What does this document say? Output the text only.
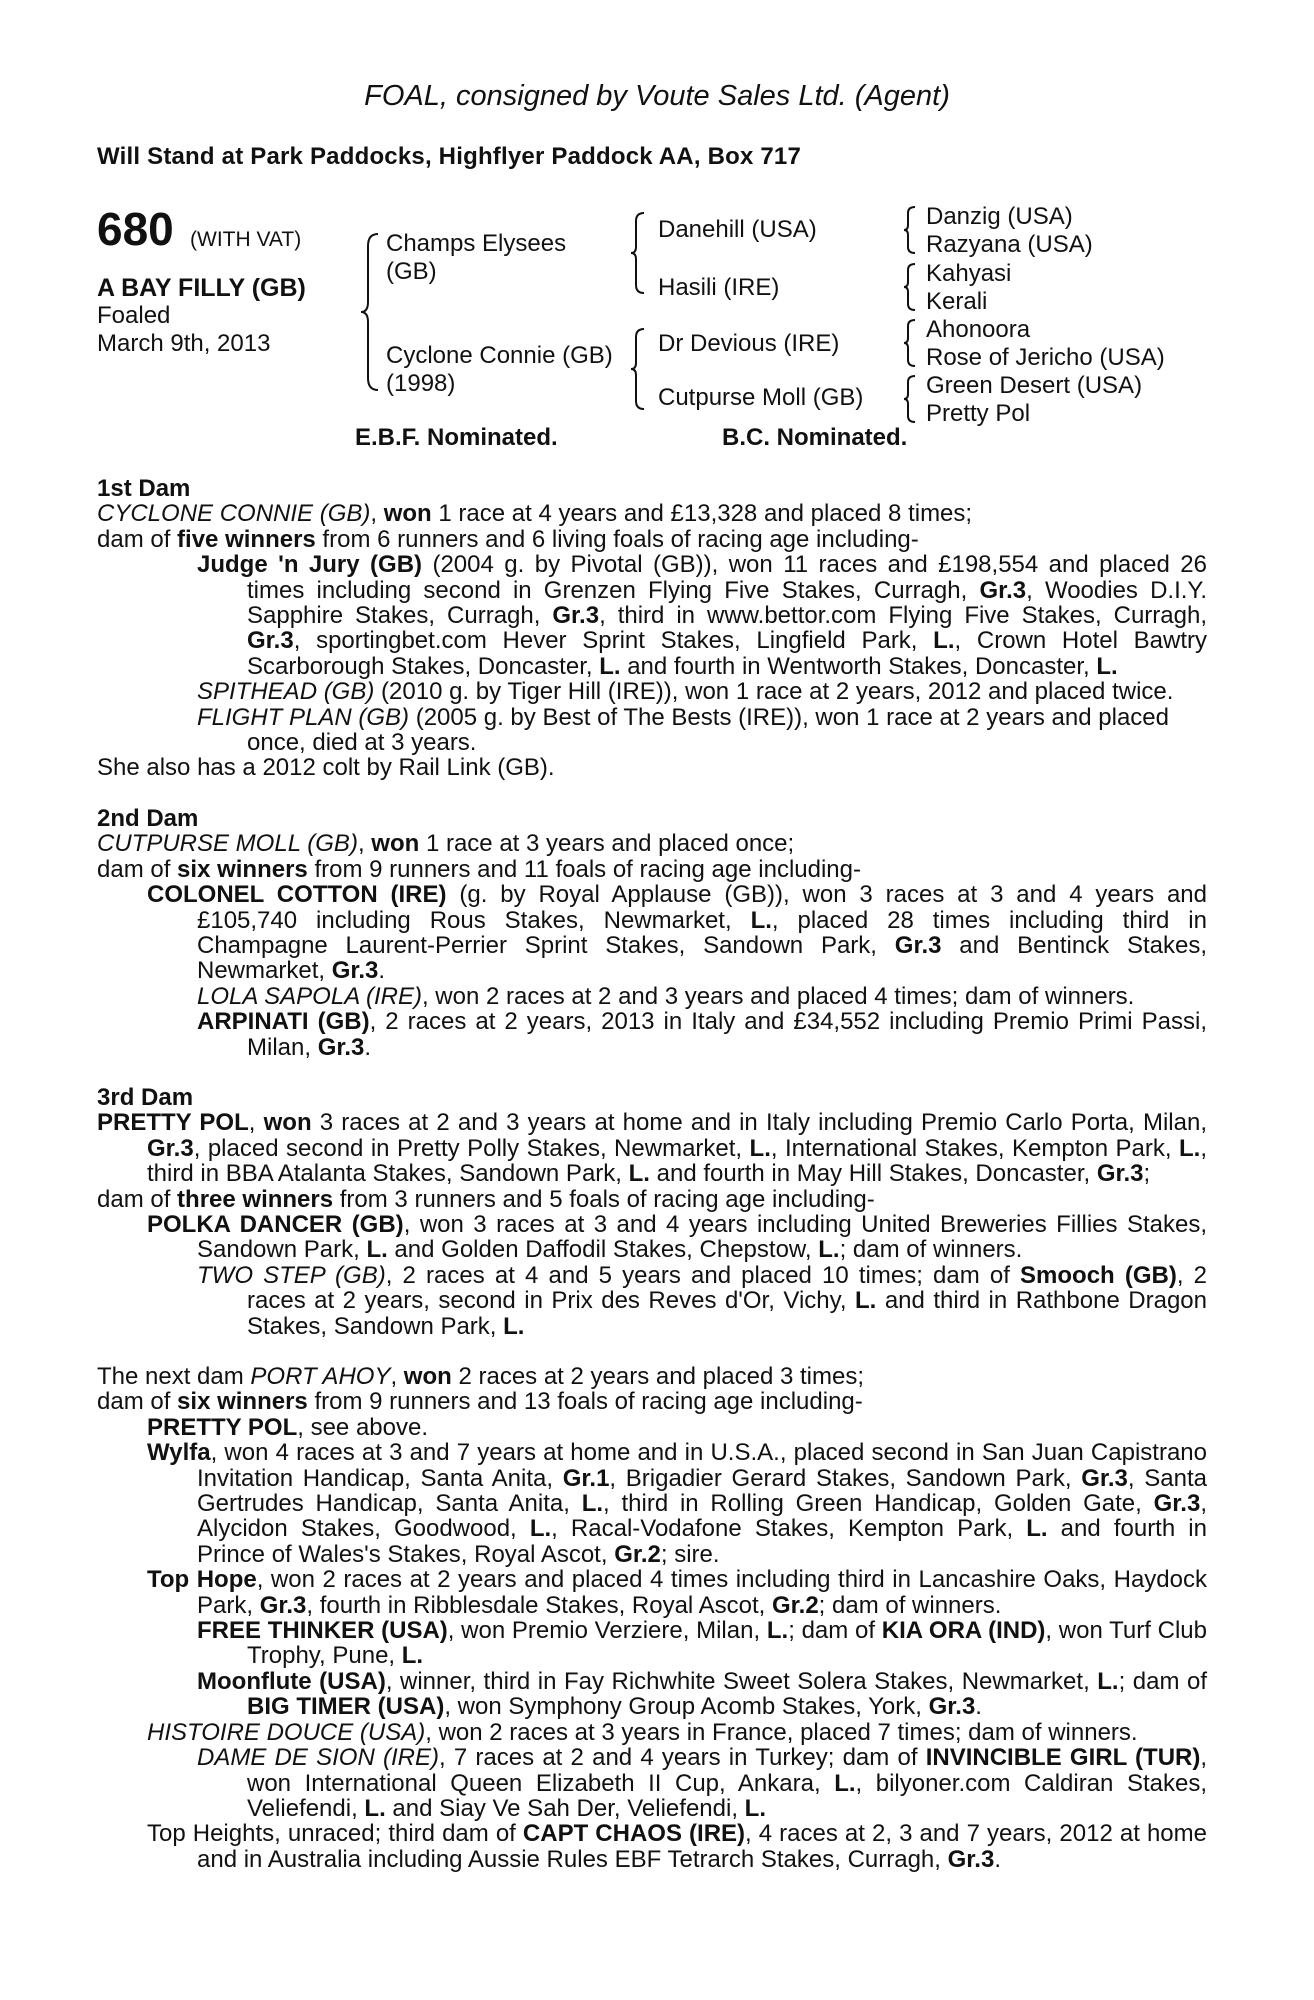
FOAL, consigned by Voute Sales Ltd. (Agent)
Will Stand at Park Paddocks, Highflyer Paddock AA, Box 717
680 (WITH VAT)
A BAY FILLY (GB)
Foaled
March 9th, 2013
Champs Elysees
(GB)
Cyclone Connie (GB)
(1998)
Danehill (USA)
Hasili (IRE)
Dr Devious (IRE)
Cutpurse Moll (GB)
Danzig (USA)
Razyana (USA)
Kahyasi
Kerali
Ahonoora
Rose of Jericho (USA)
Green Desert (USA)
Pretty Pol
E.B.F. Nominated.	B.C. Nominated.

1st Dam

CYCLONE CONNIE (GB), won 1 race at 4 years and £13,328 and placed 8 times;

dam of five winners from 6 runners and 6 living foals of racing age including-

Judge 'n Jury (GB) (2004 g. by Pivotal (GB)), won 11 races and £198,554 and placed 26 times including second in Grenzen Flying Five Stakes, Curragh, Gr.3, Woodies D.I.Y. Sapphire Stakes, Curragh, Gr.3, third in www.bettor.com Flying Five Stakes, Curragh, Gr.3, sportingbet.com Hever Sprint Stakes, Lingfield Park, L., Crown Hotel Bawtry Scarborough Stakes, Doncaster, L. and fourth in Wentworth Stakes, Doncaster, L.

SPITHEAD (GB) (2010 g. by Tiger Hill (IRE)), won 1 race at 2 years, 2012 and placed twice.

FLIGHT PLAN (GB) (2005 g. by Best of The Bests (IRE)), won 1 race at 2 years and placed once, died at 3 years.

She also has a 2012 colt by Rail Link (GB).

2nd Dam

CUTPURSE MOLL (GB), won 1 race at 3 years and placed once;

dam of six winners from 9 runners and 11 foals of racing age including-

COLONEL COTTON (IRE) (g. by Royal Applause (GB)), won 3 races at 3 and 4 years and £105,740 including Rous Stakes, Newmarket, L., placed 28 times including third in Champagne Laurent-Perrier Sprint Stakes, Sandown Park, Gr.3 and Bentinck Stakes, Newmarket, Gr.3.

LOLA SAPOLA (IRE), won 2 races at 2 and 3 years and placed 4 times; dam of winners.

ARPINATI (GB), 2 races at 2 years, 2013 in Italy and £34,552 including Premio Primi Passi, Milan, Gr.3.

3rd Dam

PRETTY POL, won 3 races at 2 and 3 years at home and in Italy including Premio Carlo Porta, Milan, Gr.3, placed second in Pretty Polly Stakes, Newmarket, L., International Stakes, Kempton Park, L., third in BBA Atalanta Stakes, Sandown Park, L. and fourth in May Hill Stakes, Doncaster, Gr.3;

dam of three winners from 3 runners and 5 foals of racing age including-

POLKA DANCER (GB), won 3 races at 3 and 4 years including United Breweries Fillies Stakes, Sandown Park, L. and Golden Daffodil Stakes, Chepstow, L.; dam of winners.

TWO STEP (GB), 2 races at 4 and 5 years and placed 10 times; dam of Smooch (GB), 2 races at 2 years, second in Prix des Reves d'Or, Vichy, L. and third in Rathbone Dragon Stakes, Sandown Park, L.

The next dam PORT AHOY, won 2 races at 2 years and placed 3 times;

dam of six winners from 9 runners and 13 foals of racing age including-

PRETTY POL, see above.

Wylfa, won 4 races at 3 and 7 years at home and in U.S.A., placed second in San Juan Capistrano Invitation Handicap, Santa Anita, Gr.1, Brigadier Gerard Stakes, Sandown Park, Gr.3, Santa Gertrudes Handicap, Santa Anita, L., third in Rolling Green Handicap, Golden Gate, Gr.3, Alycidon Stakes, Goodwood, L., Racal-Vodafone Stakes, Kempton Park, L. and fourth in Prince of Wales's Stakes, Royal Ascot, Gr.2; sire.

Top Hope, won 2 races at 2 years and placed 4 times including third in Lancashire Oaks, Haydock Park, Gr.3, fourth in Ribblesdale Stakes, Royal Ascot, Gr.2; dam of winners.

FREE THINKER (USA), won Premio Verziere, Milan, L.; dam of KIA ORA (IND), won Turf Club Trophy, Pune, L.

Moonflute (USA), winner, third in Fay Richwhite Sweet Solera Stakes, Newmarket, L.; dam of BIG TIMER (USA), won Symphony Group Acomb Stakes, York, Gr.3.

HISTOIRE DOUCE (USA), won 2 races at 3 years in France, placed 7 times; dam of winners.

DAME DE SION (IRE), 7 races at 2 and 4 years in Turkey; dam of INVINCIBLE GIRL (TUR), won International Queen Elizabeth II Cup, Ankara, L., bilyoner.com Caldiran Stakes, Veliefendi, L. and Siay Ve Sah Der, Veliefendi, L.

Top Heights, unraced; third dam of CAPT CHAOS (IRE), 4 races at 2, 3 and 7 years, 2012 at home and in Australia including Aussie Rules EBF Tetrarch Stakes, Curragh, Gr.3.
